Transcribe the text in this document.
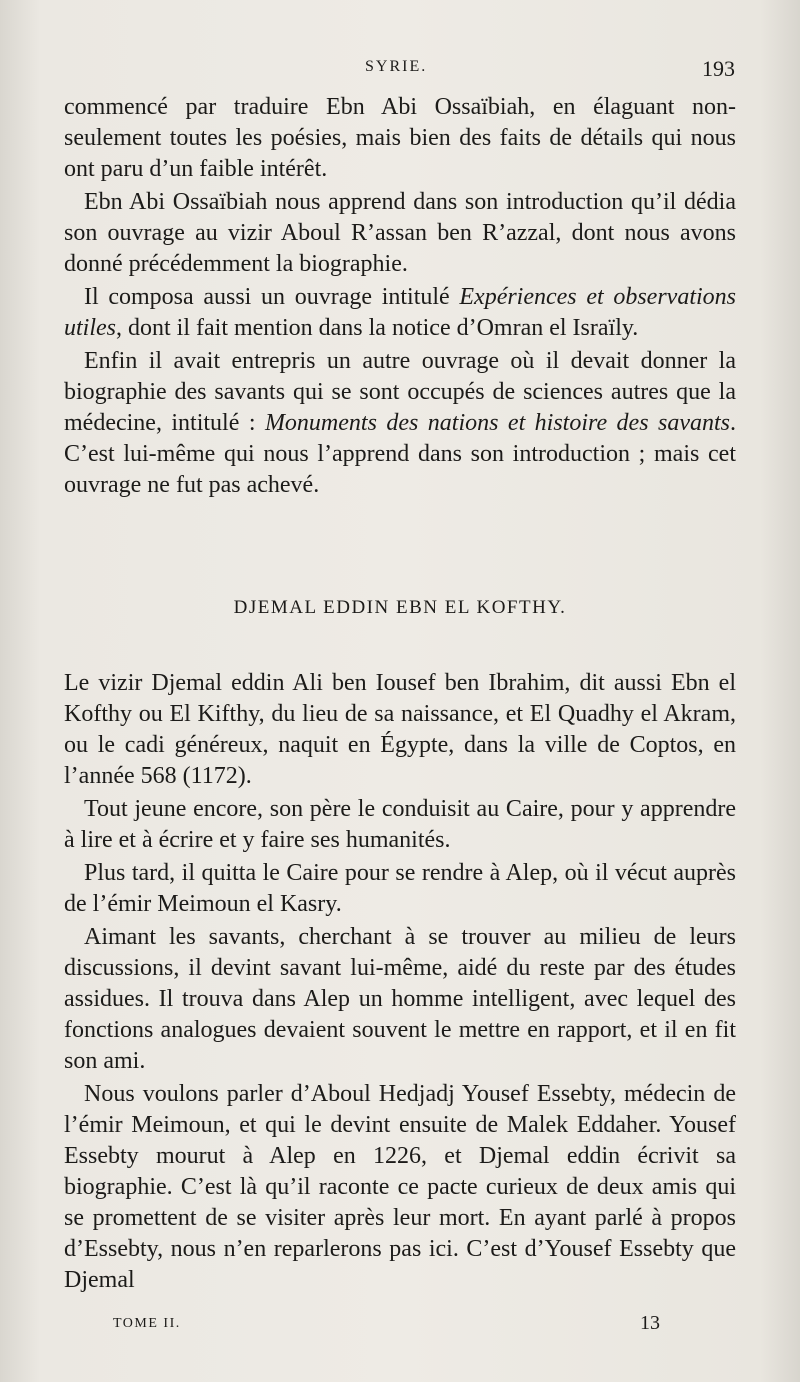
SYRIE.	193

commencé par traduire Ebn Abi Ossaïbiah, en élaguant non-seulement toutes les poésies, mais bien des faits de détails qui nous ont paru d’un faible intérêt.

Ebn Abi Ossaïbiah nous apprend dans son introduction qu’il dédia son ouvrage au vizir Aboul R’assan ben R’azzal, dont nous avons donné précédemment la biographie.

Il composa aussi un ouvrage intitulé Expériences et observations utiles, dont il fait mention dans la notice d’Omran el Israïly.

Enfin il avait entrepris un autre ouvrage où il devait donner la biographie des savants qui se sont occupés de sciences autres que la médecine, intitulé : Monuments des nations et histoire des savants. C’est lui-même qui nous l’apprend dans son introduction ; mais cet ouvrage ne fut pas achevé.

DJEMAL EDDIN EBN EL KOFTHY.

Le vizir Djemal eddin Ali ben Iousef ben Ibrahim, dit aussi Ebn el Kofthy ou El Kifthy, du lieu de sa naissance, et El Quadhy el Akram, ou le cadi généreux, naquit en Égypte, dans la ville de Coptos, en l’année 568 (1172).

Tout jeune encore, son père le conduisit au Caire, pour y apprendre à lire et à écrire et y faire ses humanités.

Plus tard, il quitta le Caire pour se rendre à Alep, où il vécut auprès de l’émir Meimoun el Kasry.

Aimant les savants, cherchant à se trouver au milieu de leurs discussions, il devint savant lui-même, aidé du reste par des études assidues. Il trouva dans Alep un homme intelligent, avec lequel des fonctions analogues devaient souvent le mettre en rapport, et il en fit son ami.

Nous voulons parler d’Aboul Hedjadj Yousef Essebty, médecin de l’émir Meimoun, et qui le devint ensuite de Malek Eddaher. Yousef Essebty mourut à Alep en 1226, et Djemal eddin écrivit sa biographie. C’est là qu’il raconte ce pacte curieux de deux amis qui se promettent de se visiter après leur mort. En ayant parlé à propos d’Essebty, nous n’en reparlerons pas ici. C’est d’Yousef Essebty que Djemal

TOME II.	13
